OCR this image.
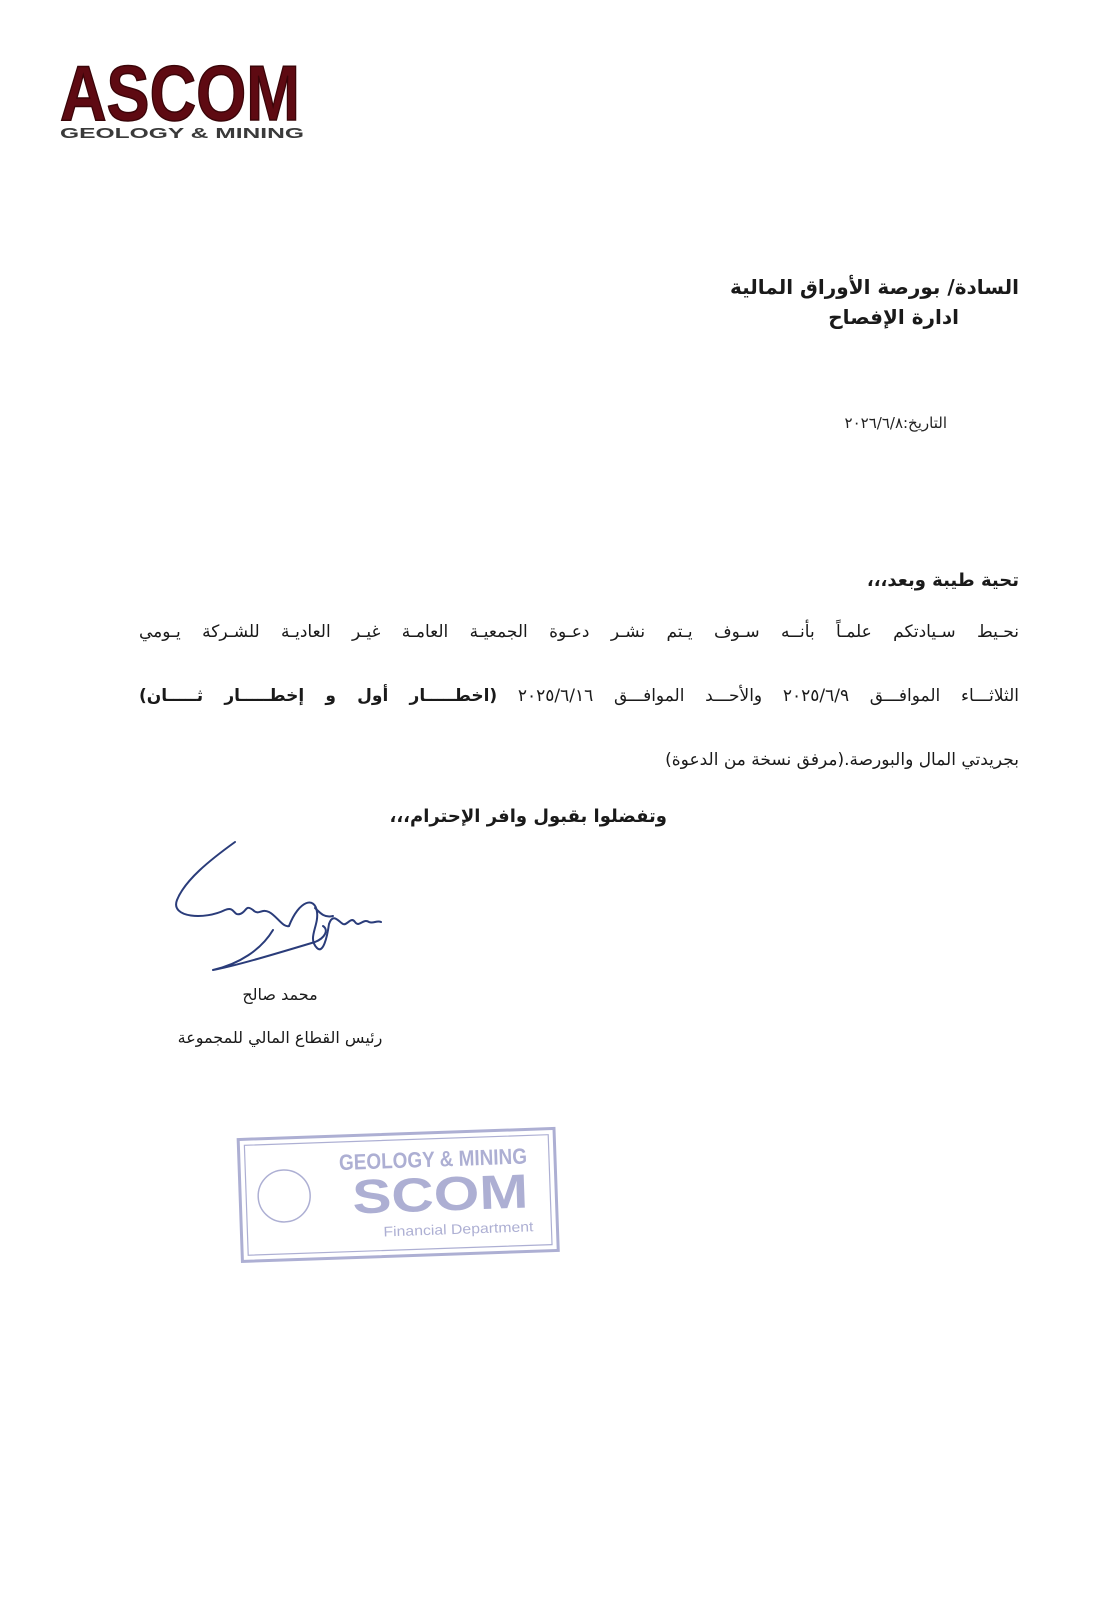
ASCOM
GEOLOGY & MINING
السادة/ بورصة الأوراق المالية
ادارة الإفصاح
التاريخ:٢٠٢٦/٦/٨
تحية طيبة وبعد،،،
نحـيط سـيادتكم علمـاً بأنــه سـوف يـتم نشـر دعـوة الجمعيـة العامـة غيـر العاديـة للشـركة يـومي
الثلاثـــاء الموافـــق ٢٠٢٥/٦/٩ والأحـــد الموافـــق ٢٠٢٥/٦/١٦ (اخطـــــار أول و إخطـــــار ثـــــان)
بجريدتي المال والبورصة.(مرفق نسخة من الدعوة)
وتفضلوا بقبول وافر الإحترام،،،
محمد صالح
رئيس القطاع المالي للمجموعة
GEOLOGY & MINING
SCOM
Financial Department
